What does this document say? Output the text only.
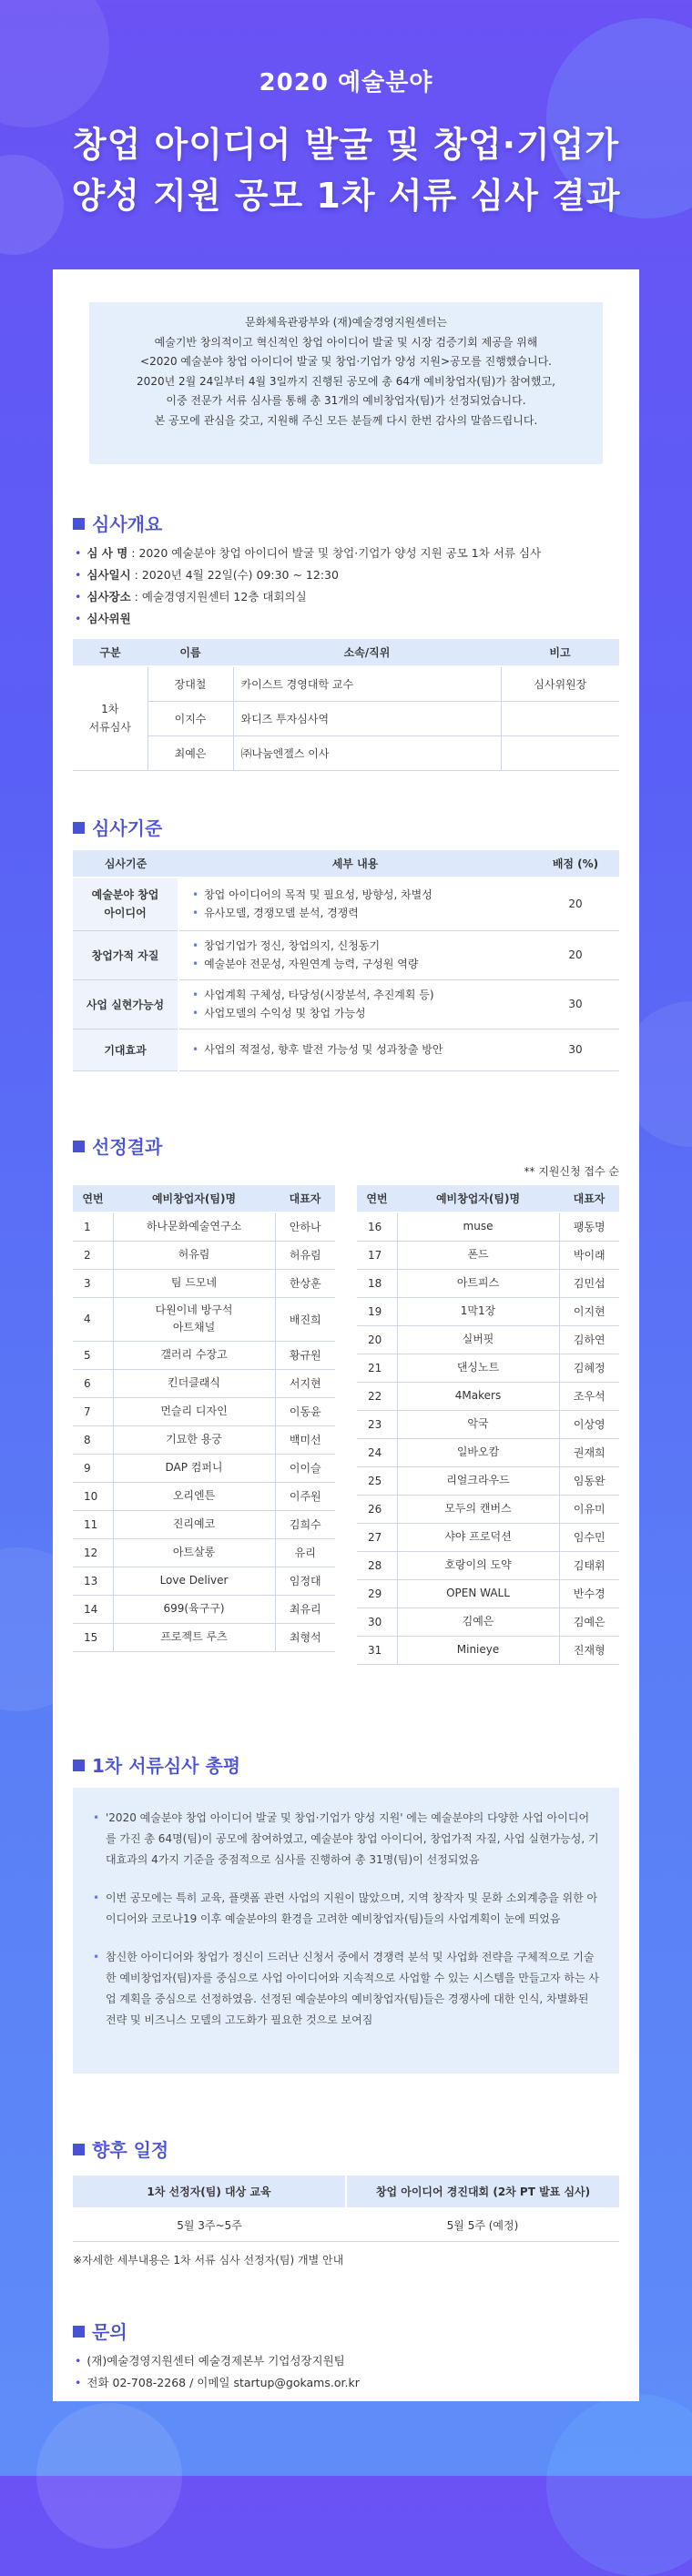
2020 예술분야
창업 아이디어 발굴 및 창업·기업가
양성 지원 공모 1차 서류 심사 결과
문화체육관광부와 (재)예술경영지원센터는
예술기반 창의적이고 혁신적인 창업 아이디어 발굴 및 시장 검증기회 제공을 위해
<2020 예술분야 창업 아이디어 발굴 및 창업·기업가 양성 지원>공모를 진행했습니다.
2020년 2월 24일부터 4월 3일까지 진행된 공모에 총 64개 예비창업자(팀)가 참여했고,
이중 전문가 서류 심사를 통해 총 31개의 예비창업자(팀)가 선정되었습니다.
본 공모에 관심을 갖고, 지원해 주신 모든 분들께 다시 한번 감사의 말씀드립니다.
심사개요
• 심 사 명 : 2020 예술분야 창업 아이디어 발굴 및 창업·기업가 양성 지원 공모 1차 서류 심사
• 심사일시 : 2020년 4월 22일(수) 09:30 ~ 12:30
• 심사장소 : 예술경영지원센터 12층 대회의실
• 심사위원
구분	이름	소속/직위	비고
1차
서류심사	장대철	카이스트 경영대학 교수	심사위원장
	이지수	와디즈 투자심사역	
	최예은	㈜나눔엔젤스 이사	
심사기준
심사기준	세부 내용	배점 (%)
예술분야 창업
아이디어	• 창업 아이디어의 목적 및 필요성, 방향성, 차별성
• 유사모델, 경쟁모델 분석, 경쟁력	20
창업가적 자질	• 창업기업가 정신, 창업의지, 신청동기
• 예술분야 전문성, 자원연계 능력, 구성원 역량	20
사업 실현가능성	• 사업계획 구체성, 타당성(시장분석, 추진계획 등)
• 사업모델의 수익성 및 창업 가능성	30
기대효과	• 사업의 적절성, 향후 발전 가능성 및 성과창출 방안	30
선정결과
** 지원신청 접수 순
연번	예비창업자(팀)명	대표자
1	하나문화예술연구소	안하나
2	허유림	허유림
3	팀 드모네	한상훈
4	다원이네 방구석
아트채널	배진희
5	갤러리 수장고	황규원
6	킨더클래식	서지현
7	먼슬리 디자인	이동윤
8	기묘한 용궁	백미선
9	DAP 컴퍼니	이이슬
10	오리엔튼	이주원
11	진리예코	김희수
12	아트살롱	유리
13	Love Deliver	임정대
14	699(육구구)	최유리
15	프로젝트 루츠	최형석
연번	예비창업자(팀)명	대표자
16	muse	팽동명
17	폰드	박이래
18	아트피스	김민섭
19	1막1장	이지현
20	실버핏	김하연
21	댄싱노트	김혜정
22	4Makers	조우석
23	악국	이상영
24	일바오캄	권재희
25	리얼크라우드	임동완
26	모두의 캔버스	이유미
27	샤야 프로덕션	임수민
28	호랑이의 도약	김태휘
29	OPEN WALL	반수경
30	김예은	김예은
31	Minieye	진재형
1차 서류심사 총평

• '2020 예술분야 창업 아이디어 발굴 및 창업·기업가 양성 지원' 에는 예술분야의 다양한 사업 아이디어를 가진 총 64명(팀)이 공모에 참여하였고, 예술분야 창업 아이디어, 창업가적 자질, 사업 실현가능성, 기대효과의 4가지 기준을 중점적으로 심사를 진행하여 총 31명(팀)이 선정되었음

• 이번 공모에는 특히 교육, 플랫폼 관련 사업의 지원이 많았으며, 지역 창작자 및 문화 소외계층을 위한 아이디어와 코로나19 이후 예술분야의 환경을 고려한 예비창업자(팀)들의 사업계획이 눈에 띄었음

• 참신한 아이디어와 창업가 정신이 드러난 신청서 중에서 경쟁력 분석 및 사업화 전략을 구체적으로 기술한 예비창업자(팀)자를 중심으로 사업 아이디어와 지속적으로 사업할 수 있는 시스템을 만들고자 하는 사업 계획을 중심으로 선정하였음. 선정된 예술분야의 예비창업자(팀)들은 경쟁사에 대한 인식, 차별화된 전략 및 비즈니스 모델의 고도화가 필요한 것으로 보여짐

향후 일정
1차 선정자(팀) 대상 교육	창업 아이디어 경진대회 (2차 PT 발표 심사)
5월 3주~5주	5월 5주 (예정)
※자세한 세부내용은 1차 서류 심사 선정자(팀) 개별 안내
문의
• (재)예술경영지원센터 예술경제본부 기업성장지원팀
• 전화 02-708-2268 / 이메일 startup@gokams.or.kr
